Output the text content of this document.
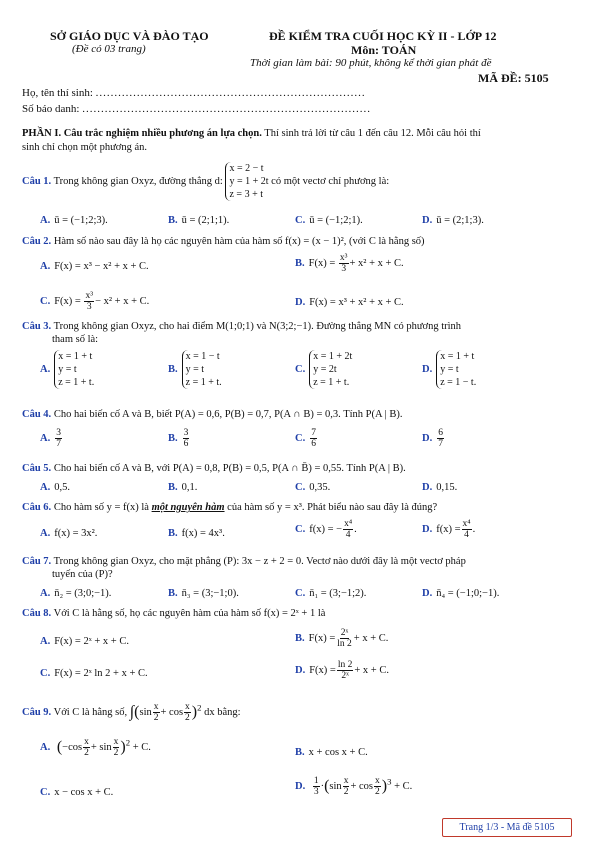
SỞ GIÁO DỤC VÀ ĐÀO TẠO
(Đề có 03 trang)
ĐỀ KIỂM TRA CUỐI HỌC KỲ II - LỚP 12
Môn: TOÁN
Thời gian làm bài: 90 phút, không kể thời gian phát đề
MÃ ĐỀ: 5105
Họ, tên thí sinh: ........................................................................
Số báo danh: .............................................................................
PHẦN I. Câu trắc nghiệm nhiều phương án lựa chọn. Thí sinh trả lời từ câu 1 đến câu 12. Mỗi câu hỏi thí
sinh chỉ chọn một phương án.
Câu 1. Trong không gian Oxyz, đường thẳng d:
x = 2 − t
y = 1 + 2t
z = 3 + t
có một vectơ chỉ phương là:
A. ū = (−1;2;3).	B. ū = (2;1;1).	C. ū = (−1;2;1).	D. ū = (2;1;3).
Câu 2. Hàm số nào sau đây là họ các nguyên hàm của hàm số f(x) = (x − 1)², (với C là hằng số)
A. F(x) = x³ − x² + x + C.	B. $F(x) = \frac{\text{x³}}{3} + x^2 + x + C$.
C. $F(x) = \frac{\text{x³}}{3} - x^2 + x + C$.	D. F(x) = x³ + x² + x + C.
Câu 3. Trong không gian Oxyz, cho hai điểm M(1;0;1) và N(3;2;−1). Đường thẳng MN có phương trình
tham số là:
A.
x = 1 + t
y = t
z = 1 + t.
B.
x = 1 − t
y = t
z = 1 + t.
C.
x = 1 + 2t
y = 2t
z = 1 + t.
D.
x = 1 + t
y = t
z = 1 − t.
Câu 4. Cho hai biến cố A và B, biết P(A) = 0,6, P(B) = 0,7, P(A ∩ B) = 0,3. Tính P(A | B).
A. $\frac{3}{7}$	B. $\frac{3}{6}$	C. $\frac{7}{6}$	D. $\frac{6}{7}$
Câu 5. Cho hai biến cố A và B, với P(A) = 0,8, P(B) = 0,5, P(A ∩ B̄) = 0,55. Tính P(A | B).
A. 0,5.	B. 0,1.	C. 0,35.	D. 0,15.
Câu 6. Cho hàm số y = f(x) là một nguyên hàm của hàm số y = x³. Phát biểu nào sau đây là đúng?
A. f(x) = 3x².	B. f(x) = 4x³.	C. f(x) = − $\frac{\text{x⁴}}{4}$ .	D. $f(x) = \frac{\text{x⁴}}{4}$ .
Câu 7. Trong không gian Oxyz, cho mặt phẳng (P): 3x − z + 2 = 0. Vectơ nào dưới đây là một vectơ pháp
tuyến của (P)?
A. n̄₂ = (3;0;−1).	B. n̄₃ = (3;−1;0).	C. n̄₁ = (3;−1;2).	D. n̄₄ = (−1;0;−1).
Câu 8. Với C là hằng số, họ các nguyên hàm của hàm số f(x) = 2ˣ + 1 là
A. F(x) = 2ˣ + x + C.	B. $F(x) = \frac{\text{2ˣ}}{\ln 2} + x + C$.
C. F(x) = 2ˣ ln 2 + x + C.	D. $F(x) = \frac{\ln 2}{\text{2ˣ}} + x + C$.
Câu 9. Với C là hằng số, $\int(\sin \frac{x}{2} + \cos \frac{x}{2} )^2$ dx bằng:
A. $(-\cos \frac{x}{2} + \sin \frac{x}{2} )^2 + C$.	B. x + cos x + C.
C. x − cos x + C.
D. $\frac{1}{3} \cdot(\sin \frac{x}{2} + \cos \frac{x}{2} )^3 + C$.
Trang 1/3 - Mã đề 5105
